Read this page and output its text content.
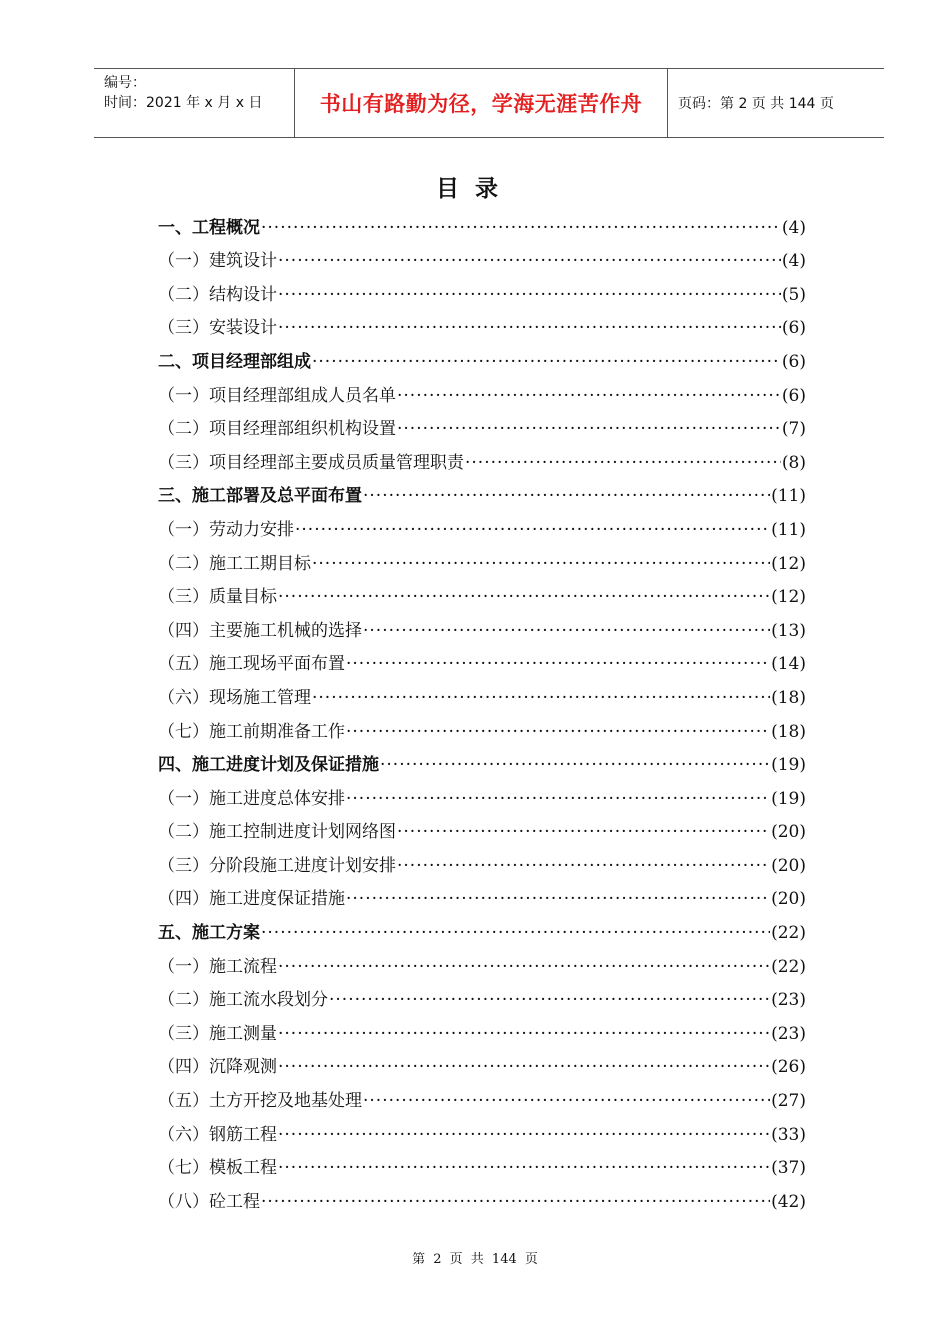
编号：
时间：2021 年 x 月 x 日	书山有路勤为径，学海无涯苦作舟	页码：第 2 页 共 144 页
目录
一、工程概况 ·····	(4)
（一）建筑设计 ·····	(4)
（二）结构设计 ·····	(5)
（三）安装设计 ·····	(6)
二、项目经理部组成 ·····	(6)
（一）项目经理部组成人员名单 ·····	(6)
（二）项目经理部组织机构设置 ·····	(7)
（三）项目经理部主要成员质量管理职责 ·····	(8)
三、施工部署及总平面布置 ·····	(11)
（一）劳动力安排 ·····	(11)
（二）施工工期目标 ·····	(12)
（三）质量目标 ·····	(12)
（四）主要施工机械的选择 ·····	(13)
（五）施工现场平面布置 ·····	(14)
（六）现场施工管理 ·····	(18)
（七）施工前期准备工作 ·····	(18)
四、施工进度计划及保证措施 ·····	(19)
（一）施工进度总体安排 ·····	(19)
（二）施工控制进度计划网络图 ·····	(20)
（三）分阶段施工进度计划安排 ·····	(20)
（四）施工进度保证措施 ·····	(20)
五、施工方案 ·····	(22)
（一）施工流程 ·····	(22)
（二）施工流水段划分 ·····	(23)
（三）施工测量 ·····	(23)
（四）沉降观测 ·····	(26)
（五）土方开挖及地基处理 ·····	(27)
（六）钢筋工程 ·····	(33)
（七）模板工程 ·····	(37)
（八）砼工程 ·····	(42)
第 2 页 共 144 页
